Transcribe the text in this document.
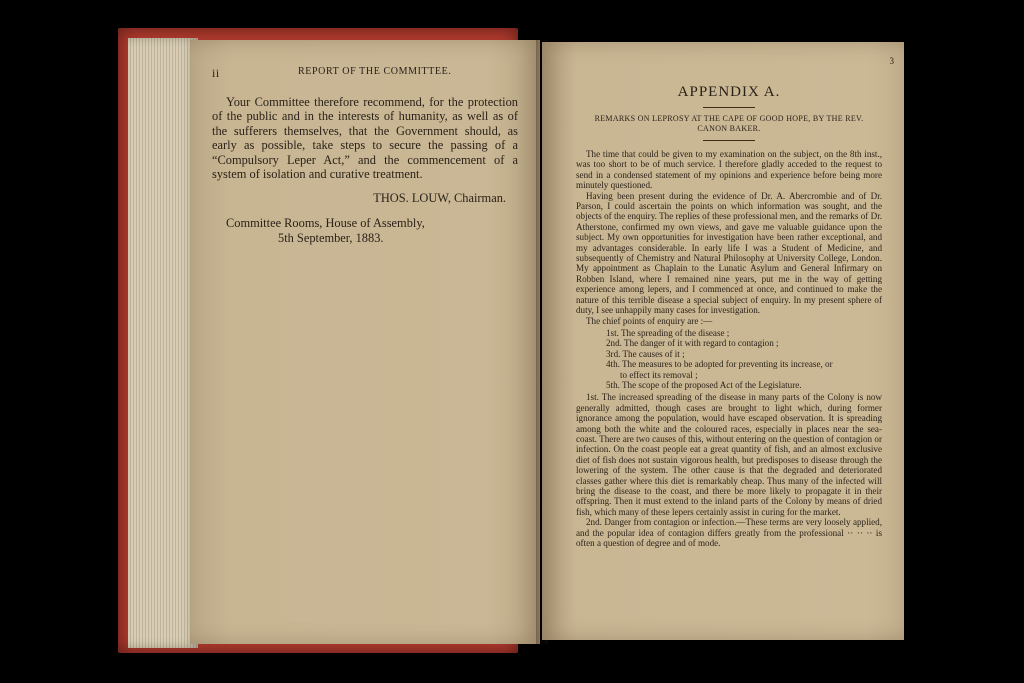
ii	REPORT OF THE COMMITTEE.

Your Committee therefore recommend, for the protection of the public and in the interests of humanity, as well as of the sufferers themselves, that the Government should, as early as possible, take steps to secure the passing of a “Compulsory Leper Act,” and the commencement of a system of isolation and curative treatment.

THOS. LOUW, Chairman.
Committee Rooms, House of Assembly,
5th September, 1883.
3
APPENDIX A.
REMARKS ON LEPROSY AT THE CAPE OF GOOD HOPE, BY THE REV. CANON BAKER.

The time that could be given to my examination on the subject, on the 8th inst., was too short to be of much service. I therefore gladly acceded to the request to send in a condensed statement of my opinions and experience before being more minutely questioned.

Having been present during the evidence of Dr. A. Abercrombie and of Dr. Parson, I could ascertain the points on which information was sought, and the objects of the enquiry. The replies of these professional men, and the remarks of Dr. Atherstone, confirmed my own views, and gave me valuable guidance upon the subject. My own opportunities for investigation have been rather exceptional, and my advantages considerable. In early life I was a Student of Medicine, and subsequently of Chemistry and Natural Philosophy at University College, London. My appointment as Chaplain to the Lunatic Asylum and General Infirmary on Robben Island, where I remained nine years, put me in the way of getting experience among lepers, and I commenced at once, and continued to make the nature of this terrible disease a special subject of enquiry. In my present sphere of duty, I see unhappily many cases for investigation.

The chief points of enquiry are :—

1st. The spreading of the disease ;
2nd. The danger of it with regard to contagion ;
3rd. The causes of it ;
4th. The measures to be adopted for preventing its increase, or
to effect its removal ;
5th. The scope of the proposed Act of the Legislature.

1st. The increased spreading of the disease in many parts of the Colony is now generally admitted, though cases are brought to light which, during former ignorance among the population, would have escaped observation. It is spreading among both the white and the coloured races, especially in places near the sea-coast. There are two causes of this, without entering on the question of contagion or infection. On the coast people eat a great quantity of fish, and an almost exclusive diet of fish does not sustain vigorous health, but predisposes to disease through the lowering of the system. The other cause is that the degraded and deteriorated classes gather where this diet is remarkably cheap. Thus many of the infected will bring the disease to the coast, and there be more likely to propagate it in their offspring. Then it must extend to the inland parts of the Colony by means of dried fish, which many of these lepers certainly assist in curing for the market.

2nd. Danger from contagion or infection.—These terms are very loosely applied, and the popular idea of contagion differs greatly from the professional ·· ·· ·· is often a question of degree and of mode.
